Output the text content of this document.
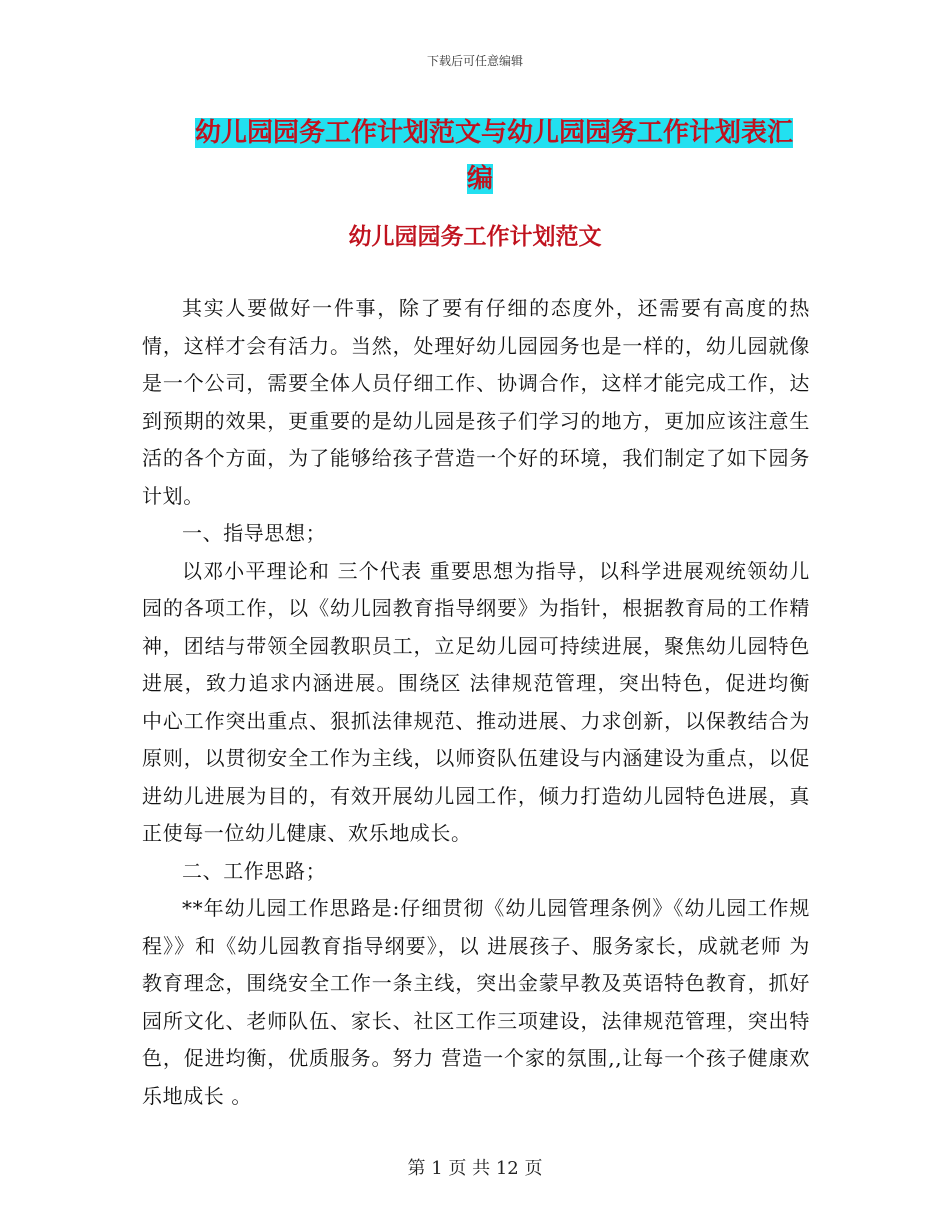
下载后可任意编辑
幼儿园园务工作计划范文与幼儿园园务工作计划表汇
编
幼儿园园务工作计划范文

其实人要做好一件事，除了要有仔细的态度外，还需要有高度的热情，这样才会有活力。当然，处理好幼儿园园务也是一样的，幼儿园就像是一个公司，需要全体人员仔细工作、协调合作，这样才能完成工作，达到预期的效果，更重要的是幼儿园是孩子们学习的地方，更加应该注意生活的各个方面，为了能够给孩子营造一个好的环境，我们制定了如下园务计划。

一、指导思想；

以邓小平理论和 三个代表 重要思想为指导，以科学进展观统领幼儿园的各项工作，以《幼儿园教育指导纲要》为指针，根据教育局的工作精神，团结与带领全园教职员工，立足幼儿园可持续进展，聚焦幼儿园特色进展，致力追求内涵进展。围绕区 法律规范管理，突出特色，促进均衡 中心工作突出重点、狠抓法律规范、推动进展、力求创新，以保教结合为原则，以贯彻安全工作为主线，以师资队伍建设与内涵建设为重点，以促进幼儿进展为目的，有效开展幼儿园工作，倾力打造幼儿园特色进展，真正使每一位幼儿健康、欢乐地成长。

二、工作思路；

**年幼儿园工作思路是:仔细贯彻《幼儿园管理条例》《幼儿园工作规程》》和《幼儿园教育指导纲要》，以 进展孩子、服务家长，成就老师 为教育理念，围绕安全工作一条主线，突出金蒙早教及英语特色教育，抓好园所文化、老师队伍、家长、社区工作三项建设，法律规范管理，突出特色，促进均衡，优质服务。努力 营造一个家的氛围,,让每一个孩子健康欢乐地成长 。

第 1 页 共 12 页
